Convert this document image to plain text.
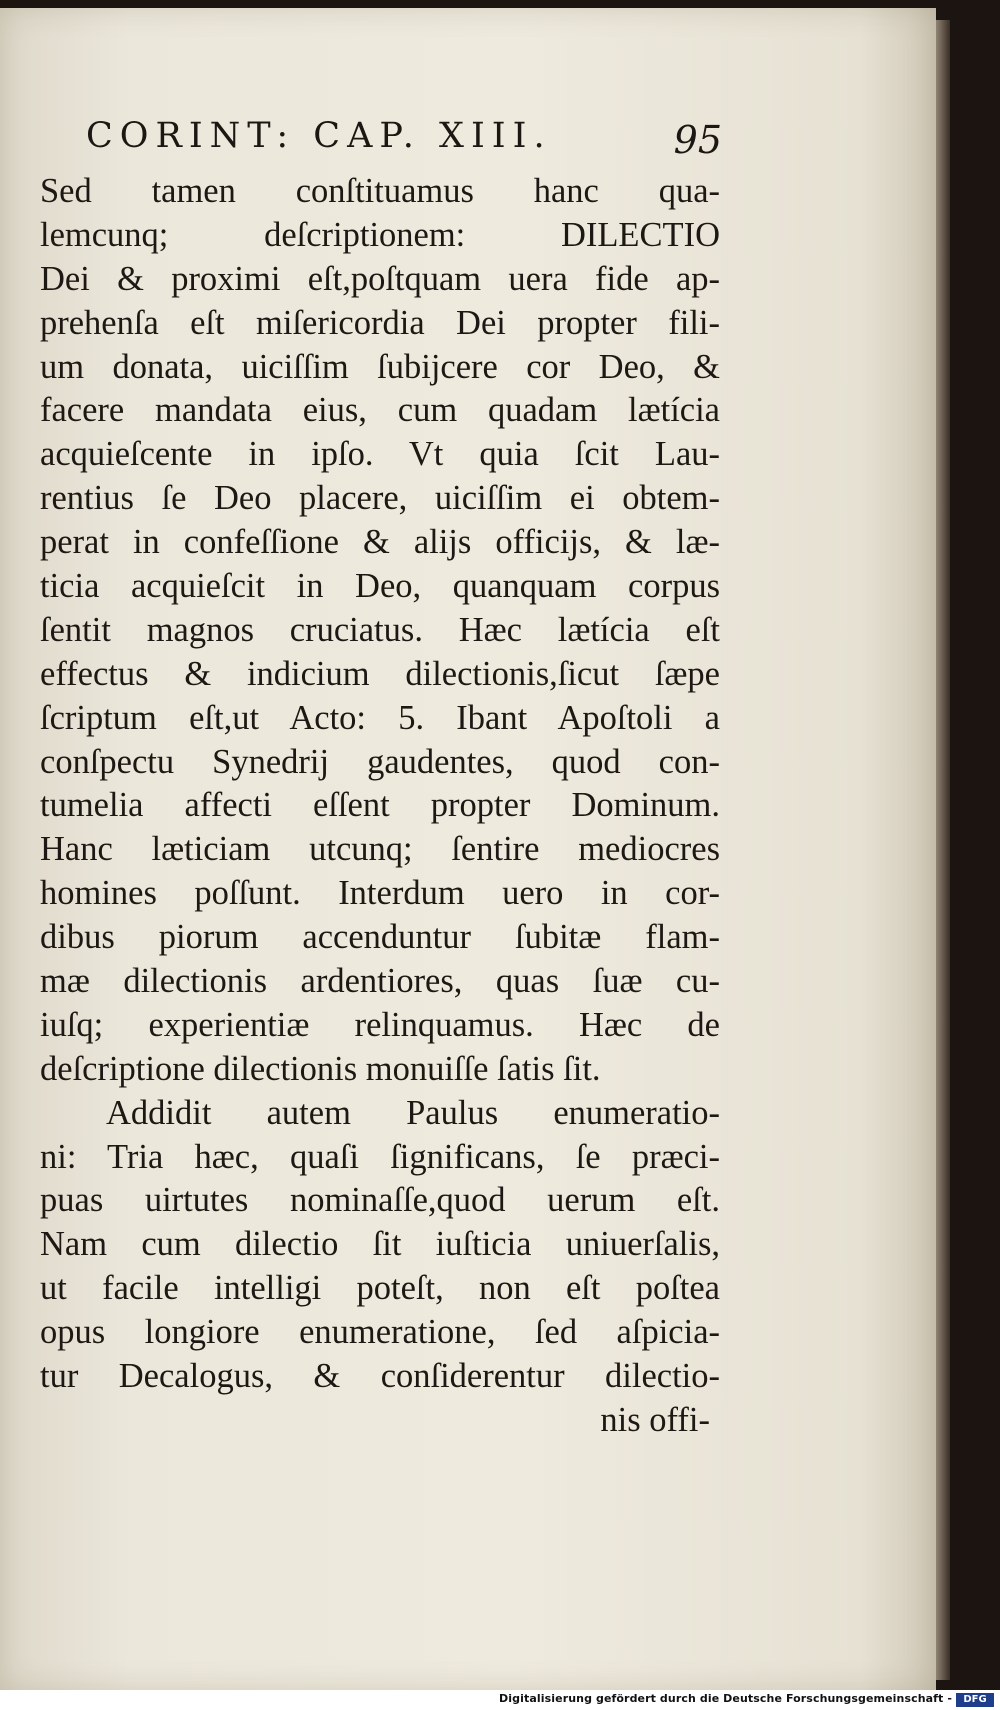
CORINT: CAP. XIII.	95
Sed tamen conſtituamus hanc qua-
lemcunq; deſcriptionem: DILECTIO
Dei & proximi eſt,poſtquam uera fide ap-
prehenſa eſt miſericordia Dei propter fili-
um donata, uiciſſim ſubijcere cor Deo, &
facere mandata eius, cum quadam lætícia
acquieſcente in ipſo. Vt quia ſcit Lau-
rentius ſe Deo placere, uiciſſim ei obtem-
perat in confeſſione & alijs officijs, & læ-
ticia acquieſcit in Deo, quanquam corpus
ſentit magnos cruciatus. Hæc lætícia eſt
effectus & indicium dilectionis,ſicut ſæpe
ſcriptum eſt,ut Acto: 5. Ibant Apoſtoli a
conſpectu Synedrij gaudentes, quod con-
tumelia affecti eſſent propter Dominum.
Hanc læticiam utcunq; ſentire mediocres
homines poſſunt. Interdum uero in cor-
dibus piorum accenduntur ſubitæ flam-
mæ dilectionis ardentiores, quas ſuæ cu-
iuſq; experientiæ relinquamus. Hæc de
deſcriptione dilectionis monuiſſe ſatis ſit.
Addidit autem Paulus enumeratio-
ni: Tria hæc, quaſi ſignificans, ſe præci-
puas uirtutes nominaſſe,quod uerum eſt.
Nam cum dilectio ſit iuſticia uniuerſalis,
ut facile intelligi poteſt, non eſt poſtea
opus longiore enumeratione, ſed aſpicia-
tur Decalogus, & conſiderentur dilectio-
nis offi-
Digitalisierung gefördert durch die Deutsche Forschungsgemeinschaft -	DFG
